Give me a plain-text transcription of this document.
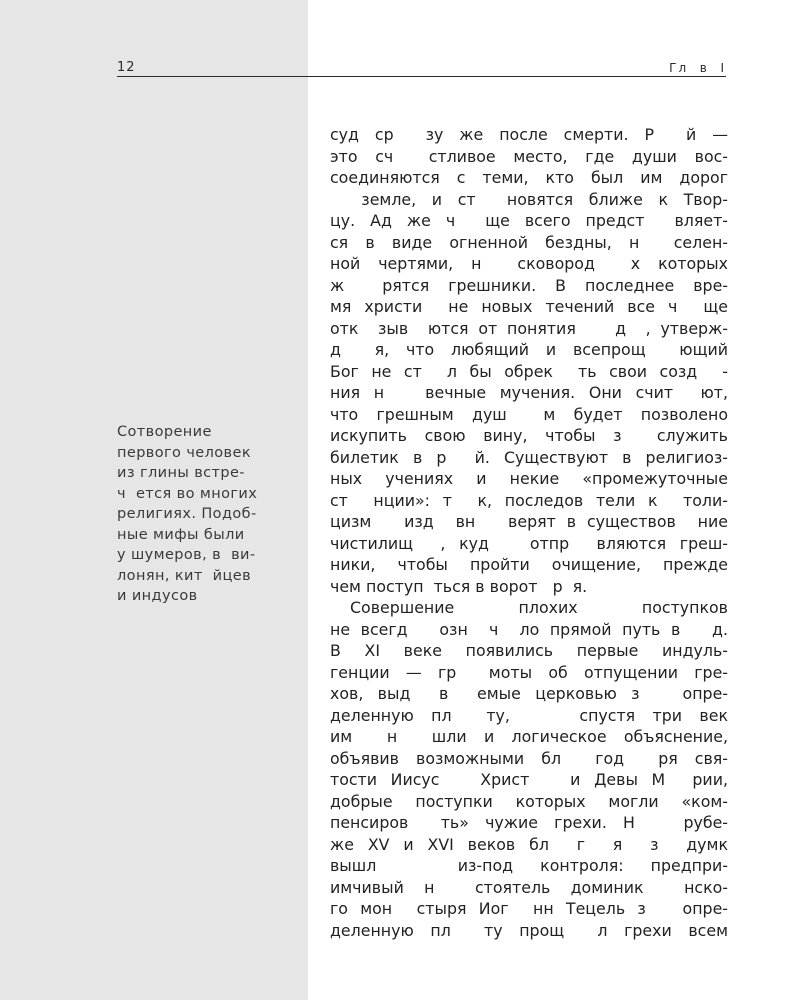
12	Гл  в  I
Сотворение
первого человек
из глины встре-
ч  ется во многих
религиях. Подоб-
ные мифы были
у шумеров, в  ви-
лонян, кит  йцев
и индусов
суд ср  зу же после смерти. Р  й —
это сч  стливое место, где души вос-
соединяются с теми, кто был им дорог
земле, и ст  новятся ближе к Твор-
цу. Ад же ч  ще всего предст  вляет-
ся в виде огненной бездны, н  селен-
ной чертями, н  сковород  х которых
ж  рятся грешники. В последнее вре-
мя христи  не новых течений все ч  ще
отк  зыв  ются от понятия    д  , утверж-
д  я, что любящий и всепрощ  ющий
Бог не ст  л бы обрек  ть свои созд  -
ния н   вечные мучения. Они счит  ют,
что грешным душ  м будет позволено
искупить свою вину, чтобы з  служить
билетик в р  й. Существуют в религиоз-
ных учениях и некие «промежуточные
ст  нции»: т  к, последов тели к  толи-
цизм   изд  вн   верят в существов  ние
чистилищ  , куд   отпр  вляются греш-
ники, чтобы пройти очищение, прежде
чем поступ  ться в ворот   р  я.
Совершение плохих поступков
не всегд   озн  ч  ло прямой путь в   д.
В XI веке появились первые индуль-
генции — гр  моты об отпущении гре-
хов, выд  в  емые церковью з   опре-
деленную пл  ту,    спустя три век
им  н  шли и логическое объяснение,
объявив возможными бл  год  ря свя-
тости Иисус   Христ   и Девы М  рии,
добрые поступки которых могли «ком-
пенсиров  ть» чужие грехи. Н   рубе-
же XV и XVI веков бл  г  я  з  думк
вышл   из-под контроля: предпри-
имчивый н  стоятель доминик  нско-
го мон  стыря Иог  нн Тецель з   опре-
деленную пл  ту прощ  л грехи всем
